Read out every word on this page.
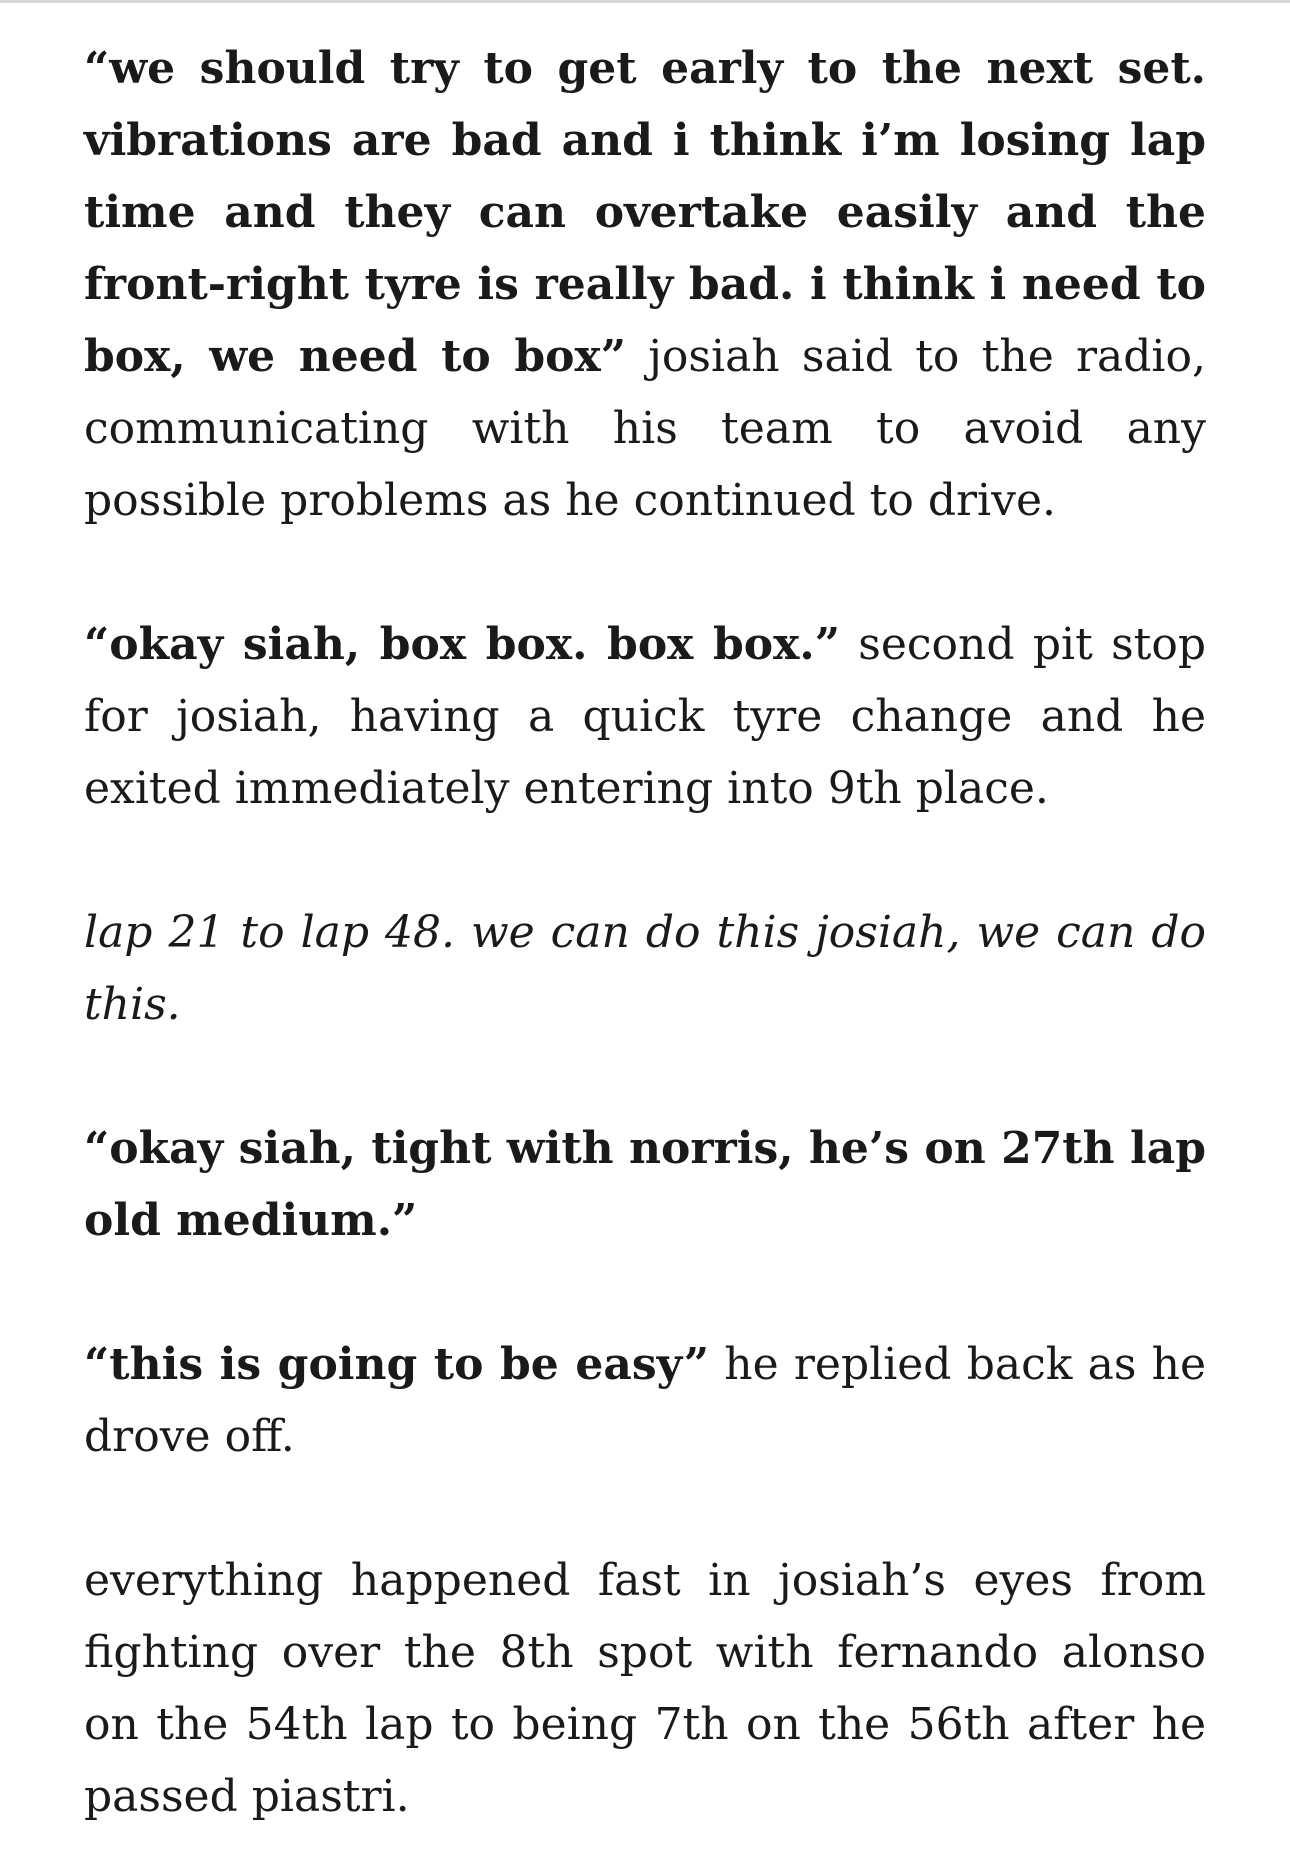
“we should try to get early to the next set. vibrations are bad and i think i’m losing lap time and they can overtake easily and the front-right tyre is really bad. i think i need to box, we need to box” josiah said to the radio, communicating with his team to avoid any possible problems as he continued to drive.

“okay siah, box box. box box.” second pit stop for josiah, having a quick tyre change and he exited immediately entering into 9th place.

lap 21 to lap 48. we can do this josiah, we can do this.

“okay siah, tight with norris, he’s on 27th lap old medium.”

“this is going to be easy” he replied back as he drove off.

everything happened fast in josiah’s eyes from fighting over the 8th spot with fernando alonso on the 54th lap to being 7th on the 56th after he passed piastri.
